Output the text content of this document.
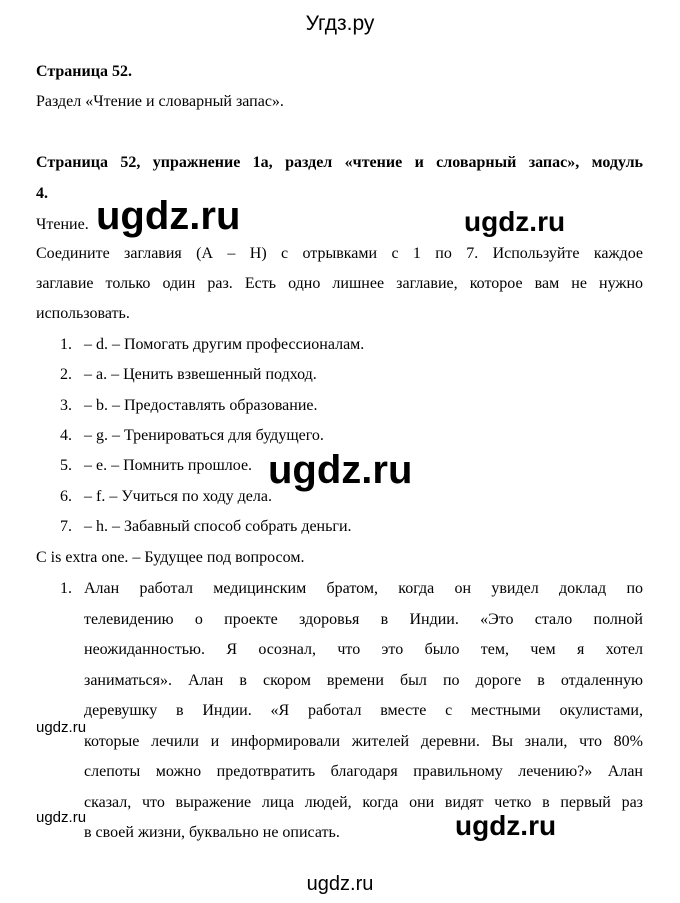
Угдз.ру
Страница 52.
Раздел «Чтение и словарный запас».
Страница 52, упражнение 1а, раздел «чтение и словарный запас», модуль
4.
Чтение.
Соедините заглавия (А – Н) с отрывками с 1 по 7. Используйте каждое
заглавие только один раз. Есть одно лишнее заглавие, которое вам не нужно
использовать.
1. – d. – Помогать другим профессионалам.
2. – a. – Ценить взвешенный подход.
3. – b. – Предоставлять образование.
4. – g. – Тренироваться для будущего.
5. – e. – Помнить прошлое.
6. – f. – Учиться по ходу дела.
7. – h. – Забавный способ собрать деньги.
C is extra one. – Будущее под вопросом.
1. Алан работал медицинским братом, когда он увидел доклад по
телевидению о проекте здоровья в Индии. «Это стало полной
неожиданностью. Я осознал, что это было тем, чем я хотел
заниматься». Алан в скором времени был по дороге в отдаленную
деревушку в Индии. «Я работал вместе с местными окулистами,
которые лечили и информировали жителей деревни. Вы знали, что 80%
слепоты можно предотвратить благодаря правильному лечению?» Алан
сказал, что выражение лица людей, когда они видят четко в первый раз
в своей жизни, буквально не описать.
ugdz.ru	ugdz.ru
ugdz.ru
ugdz.ru
ugdz.ru	ugdz.ru
ugdz.ru
